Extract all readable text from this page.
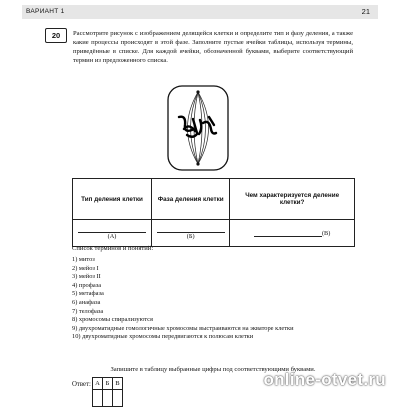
ВАРИАНТ 1	21
20	Рассмотрите рисунок с изображением делящейся клетки и определите тип и фазу деления, а также какие процессы происходят в этой фазе. Заполните пустые ячейки таблицы, используя термины, приведённые в списке. Для каждой ячейки, обозначенной буквами, выберите соответствующий термин из предложенного списка.
Тип деления клетки	Фаза деления клетки	Чем характеризуется деление клетки?
(А)	(Б)	(В)
Список терминов и понятий:
1) митоз
2) мейоз I
3) мейоз II
4) профаза
5) метафаза
6) анафаза
7) телофаза
8) хромосомы спирализуются
9) двухроматидные гомологичные хромосомы выстраиваются на экваторе клетки
10) двухроматидные хромосомы передвигаются к полюсам клетки
Запишите в таблицу выбранные цифры под соответствующими буквами.
Ответ: А	Б	В
			online-otvet.ru
